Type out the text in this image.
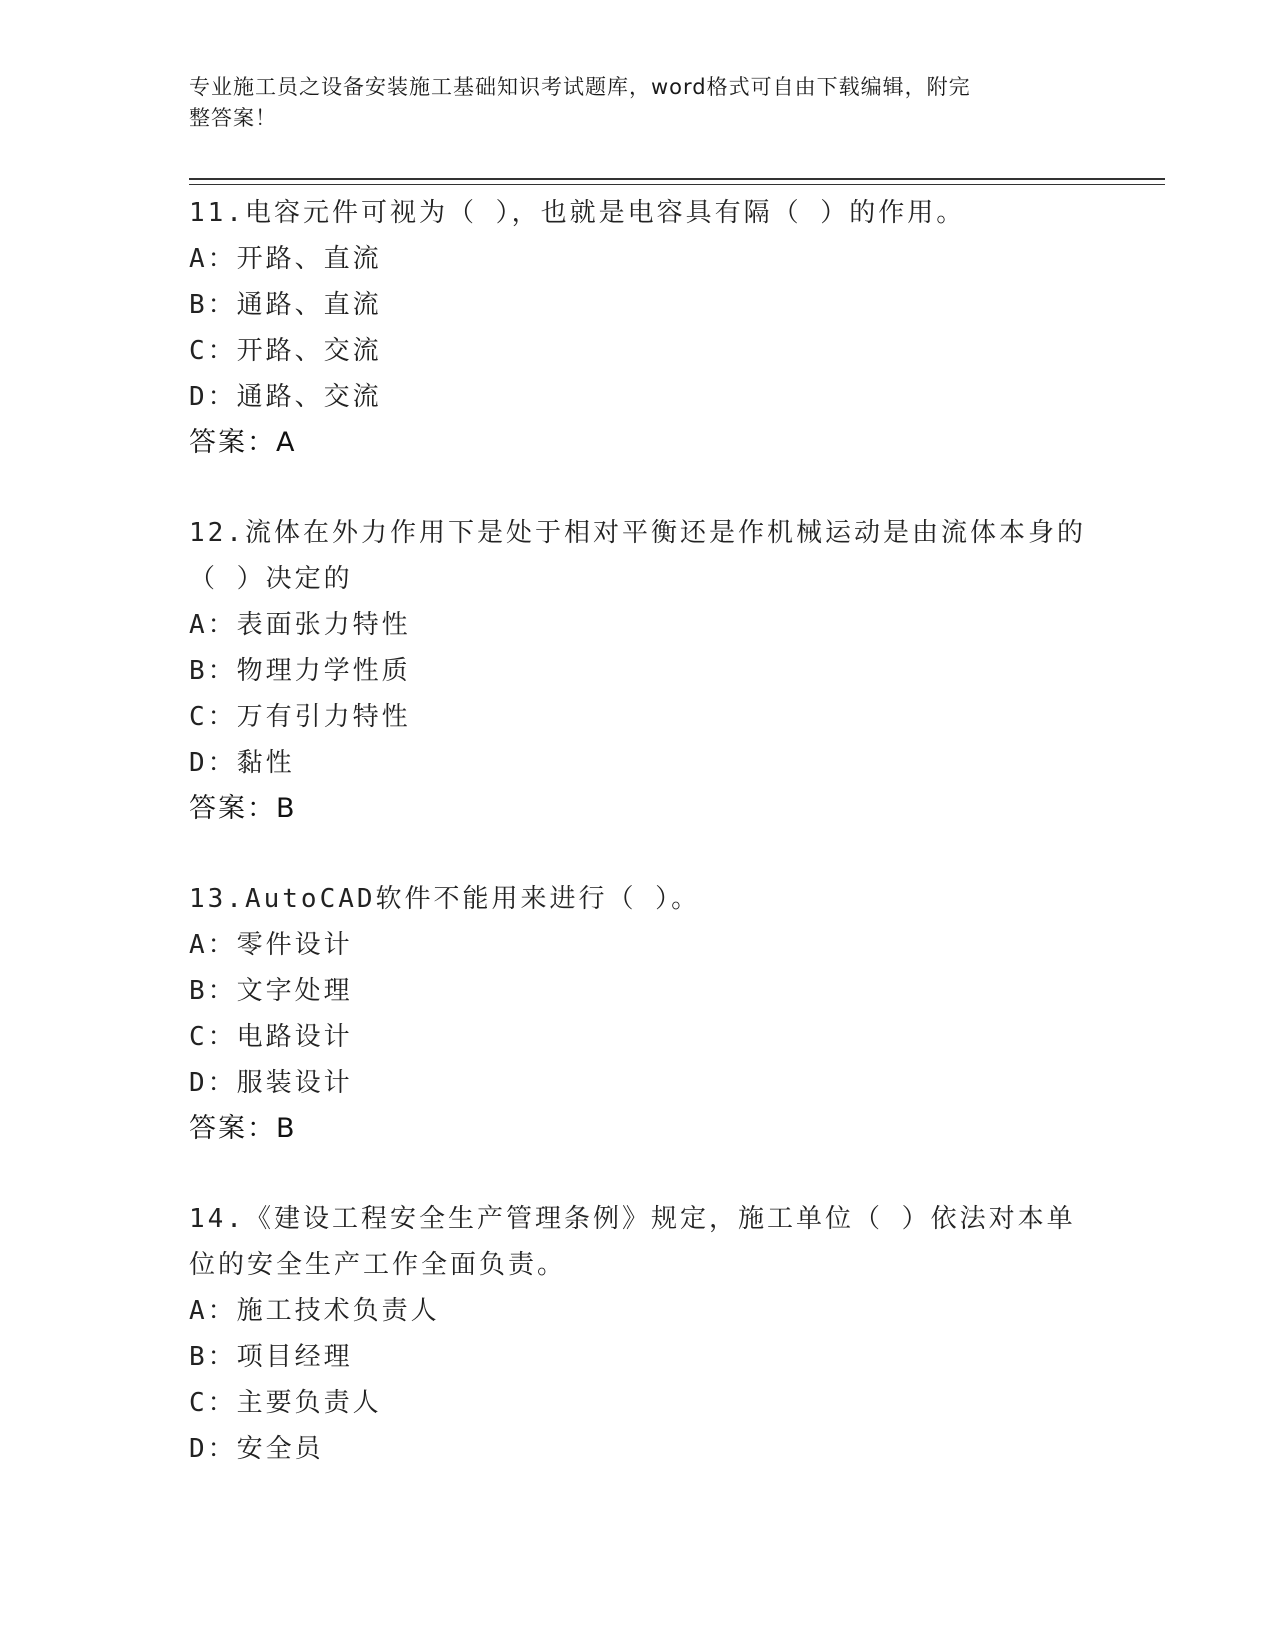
专业施工员之设备安装施工基础知识考试题库，word格式可自由下载编辑，附完
整答案！
11.电容元件可视为（ ），也就是电容具有隔（ ）的作用。
A：开路、直流
B：通路、直流
C：开路、交流
D：通路、交流
答案：A
12.流体在外力作用下是处于相对平衡还是作机械运动是由流体本身的
（ ）决定的
A：表面张力特性
B：物理力学性质
C：万有引力特性
D：黏性
答案：B
13.AutoCAD软件不能用来进行（ ）。
A：零件设计
B：文字处理
C：电路设计
D：服装设计
答案：B
14.《建设工程安全生产管理条例》规定，施工单位（ ）依法对本单
位的安全生产工作全面负责。
A：施工技术负责人
B：项目经理
C：主要负责人
D：安全员
